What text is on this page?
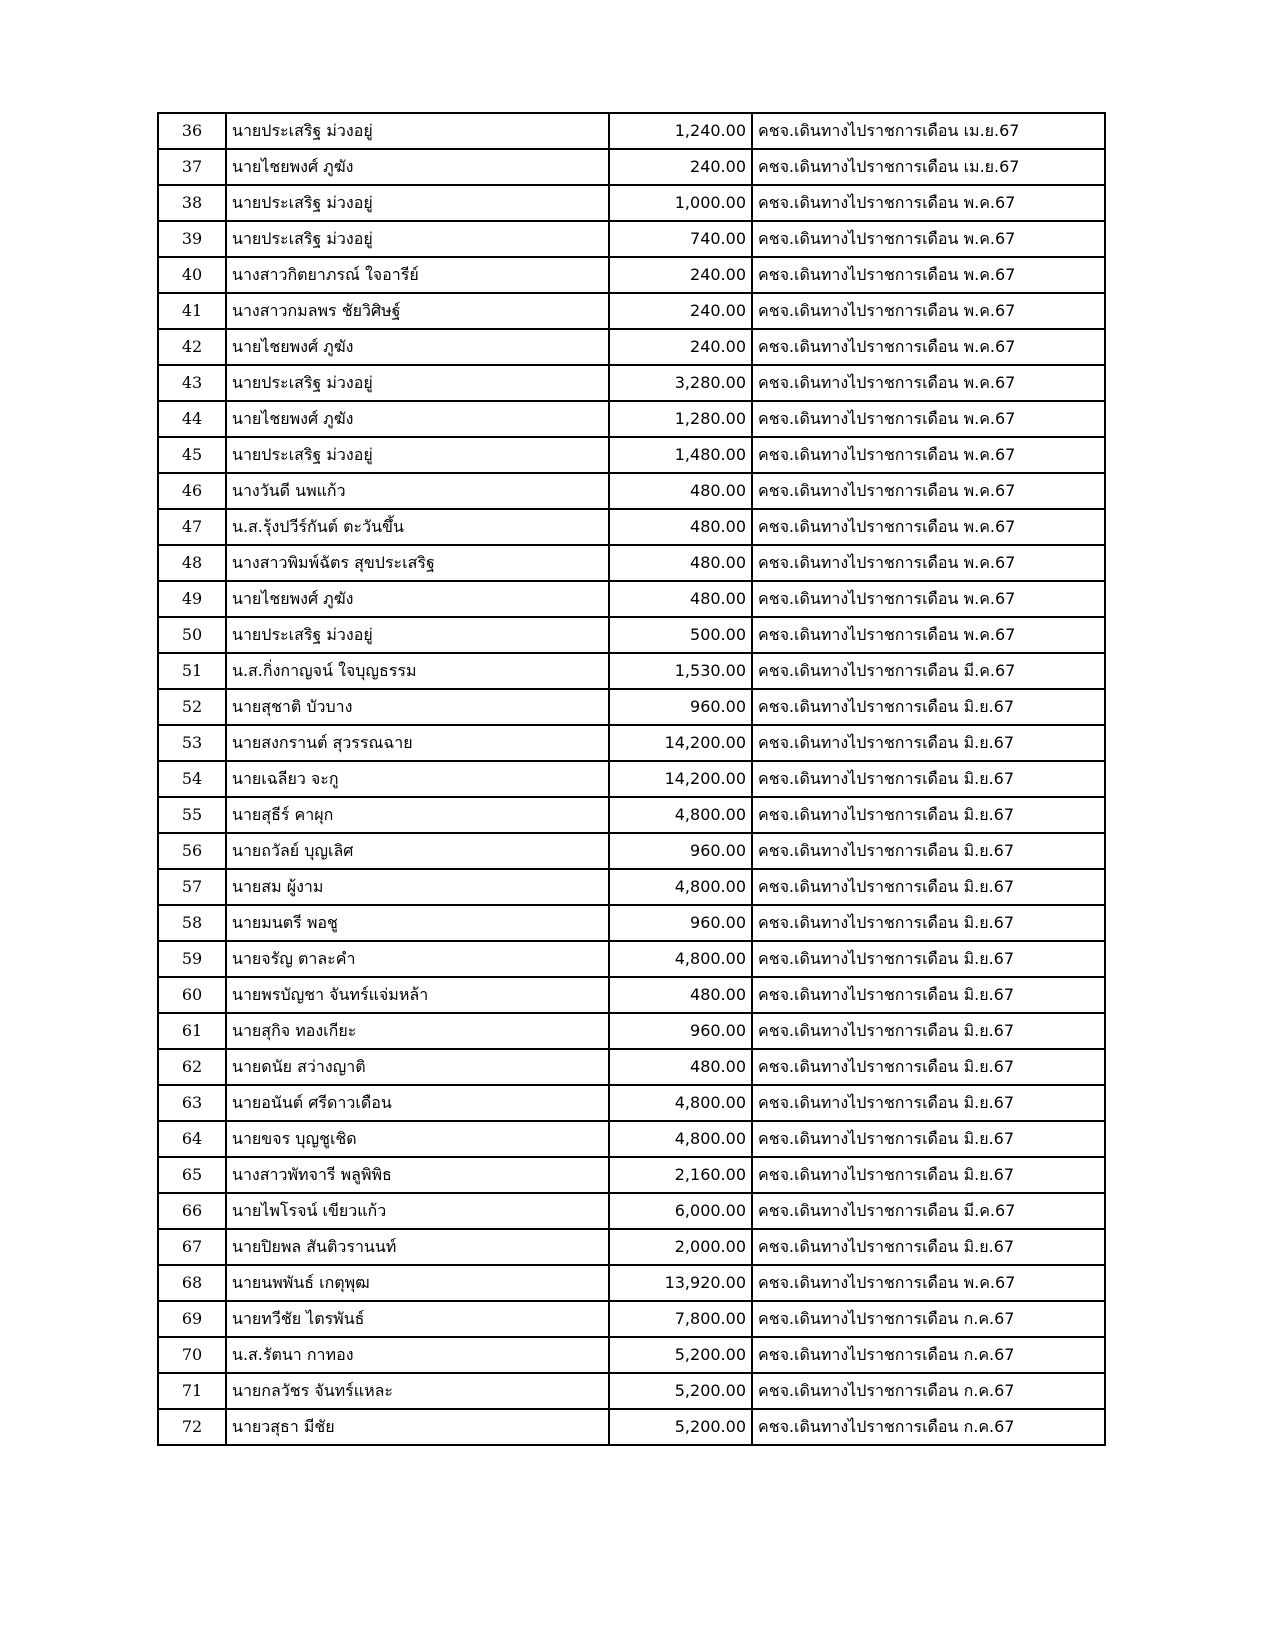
36	นายประเสริฐ ม่วงอยู่	1,240.00	คชจ.เดินทางไปราชการเดือน เม.ย.67
37	นายไชยพงศ์ ภูฆัง	240.00	คชจ.เดินทางไปราชการเดือน เม.ย.67
38	นายประเสริฐ ม่วงอยู่	1,000.00	คชจ.เดินทางไปราชการเดือน พ.ค.67
39	นายประเสริฐ ม่วงอยู่	740.00	คชจ.เดินทางไปราชการเดือน พ.ค.67
40	นางสาวกิตยาภรณ์ ใจอารีย์	240.00	คชจ.เดินทางไปราชการเดือน พ.ค.67
41	นางสาวกมลพร ชัยวิศิษฐ์	240.00	คชจ.เดินทางไปราชการเดือน พ.ค.67
42	นายไชยพงศ์ ภูฆัง	240.00	คชจ.เดินทางไปราชการเดือน พ.ค.67
43	นายประเสริฐ ม่วงอยู่	3,280.00	คชจ.เดินทางไปราชการเดือน พ.ค.67
44	นายไชยพงศ์ ภูฆัง	1,280.00	คชจ.เดินทางไปราชการเดือน พ.ค.67
45	นายประเสริฐ ม่วงอยู่	1,480.00	คชจ.เดินทางไปราชการเดือน พ.ค.67
46	นางวันดี นพแก้ว	480.00	คชจ.เดินทางไปราชการเดือน พ.ค.67
47	น.ส.รุ้งปวีร์กันต์ ตะวันขึ้น	480.00	คชจ.เดินทางไปราชการเดือน พ.ค.67
48	นางสาวพิมพ์ฉัตร สุขประเสริฐ	480.00	คชจ.เดินทางไปราชการเดือน พ.ค.67
49	นายไชยพงศ์ ภูฆัง	480.00	คชจ.เดินทางไปราชการเดือน พ.ค.67
50	นายประเสริฐ ม่วงอยู่	500.00	คชจ.เดินทางไปราชการเดือน พ.ค.67
51	น.ส.กิ่งกาญจน์ ใจบุญธรรม	1,530.00	คชจ.เดินทางไปราชการเดือน มี.ค.67
52	นายสุชาติ บัวบาง	960.00	คชจ.เดินทางไปราชการเดือน มิ.ย.67
53	นายสงกรานต์ สุวรรณฉาย	14,200.00	คชจ.เดินทางไปราชการเดือน มิ.ย.67
54	นายเฉลียว จะกู	14,200.00	คชจ.เดินทางไปราชการเดือน มิ.ย.67
55	นายสุธีร์ คาผุก	4,800.00	คชจ.เดินทางไปราชการเดือน มิ.ย.67
56	นายถวัลย์ บุญเลิศ	960.00	คชจ.เดินทางไปราชการเดือน มิ.ย.67
57	นายสม ผู้งาม	4,800.00	คชจ.เดินทางไปราชการเดือน มิ.ย.67
58	นายมนตรี พอชู	960.00	คชจ.เดินทางไปราชการเดือน มิ.ย.67
59	นายจรัญ ตาละคำ	4,800.00	คชจ.เดินทางไปราชการเดือน มิ.ย.67
60	นายพรบัญชา จันทร์แจ่มหล้า	480.00	คชจ.เดินทางไปราชการเดือน มิ.ย.67
61	นายสุกิจ ทองเกียะ	960.00	คชจ.เดินทางไปราชการเดือน มิ.ย.67
62	นายดนัย สว่างญาติ	480.00	คชจ.เดินทางไปราชการเดือน มิ.ย.67
63	นายอนันต์ ศรีดาวเดือน	4,800.00	คชจ.เดินทางไปราชการเดือน มิ.ย.67
64	นายขจร บุญชูเชิด	4,800.00	คชจ.เดินทางไปราชการเดือน มิ.ย.67
65	นางสาวพัทจารี พลูพิพิธ	2,160.00	คชจ.เดินทางไปราชการเดือน มิ.ย.67
66	นายไพโรจน์ เขียวแก้ว	6,000.00	คชจ.เดินทางไปราชการเดือน มี.ค.67
67	นายปิยพล สันติวรานนท์	2,000.00	คชจ.เดินทางไปราชการเดือน มิ.ย.67
68	นายนพพันธ์ เกตุพุฒ	13,920.00	คชจ.เดินทางไปราชการเดือน พ.ค.67
69	นายทวีชัย ไตรพันธ์	7,800.00	คชจ.เดินทางไปราชการเดือน ก.ค.67
70	น.ส.รัตนา กาทอง	5,200.00	คชจ.เดินทางไปราชการเดือน ก.ค.67
71	นายกลวัชร จันทร์แหละ	5,200.00	คชจ.เดินทางไปราชการเดือน ก.ค.67
72	นายวสุธา มีชัย	5,200.00	คชจ.เดินทางไปราชการเดือน ก.ค.67
